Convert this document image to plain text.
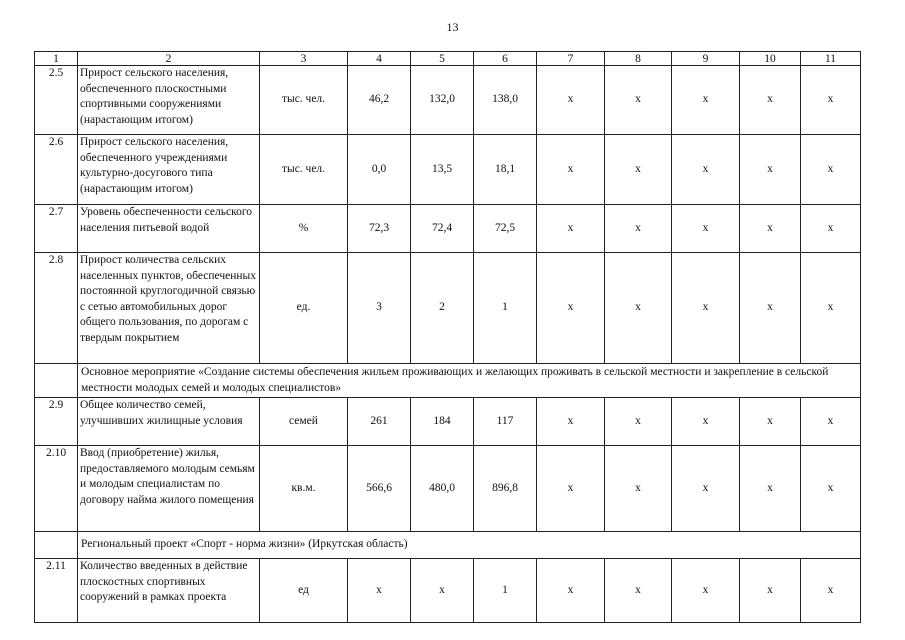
13
1	2	3	4	5	6	7	8	9	10	11
2.5	Прирост сельского населения, обеспеченного плоскостными спортивными сооружениями (нарастающим итогом)	тыс. чел.	46,2	132,0	138,0	х	х	х	х	х
2.6	Прирост сельского населения, обеспеченного учреждениями культурно-досугового типа (нарастающим итогом)	тыс. чел.	0,0	13,5	18,1	х	х	х	х	х
2.7	Уровень обеспеченности сельского населения питьевой водой	%	72,3	72,4	72,5	х	х	х	х	х
2.8	Прирост количества сельских населенных пунктов, обеспеченных постоянной круглогодичной связью с сетью автомобильных дорог общего пользования, по дорогам с твердым покрытием	ед.	3	2	1	х	х	х	х	х
	Основное мероприятие «Создание системы обеспечения жильем проживающих и желающих проживать в сельской местности и закрепление в сельской местности молодых семей и молодых специалистов»									
2.9	Общее количество семей, улучшивших жилищные условия	семей	261	184	117	х	х	х	х	х
2.10	Ввод (приобретение) жилья, предоставляемого молодым семьям и молодым специалистам по договору найма жилого помещения	кв.м.	566,6	480,0	896,8	х	х	х	х	х
	Региональный проект «Спорт - норма жизни» (Иркутская область)									
2.11	Количество введенных в действие плоскостных спортивных сооружений в рамках проекта	ед	х	х	1	х	х	х	х	х
